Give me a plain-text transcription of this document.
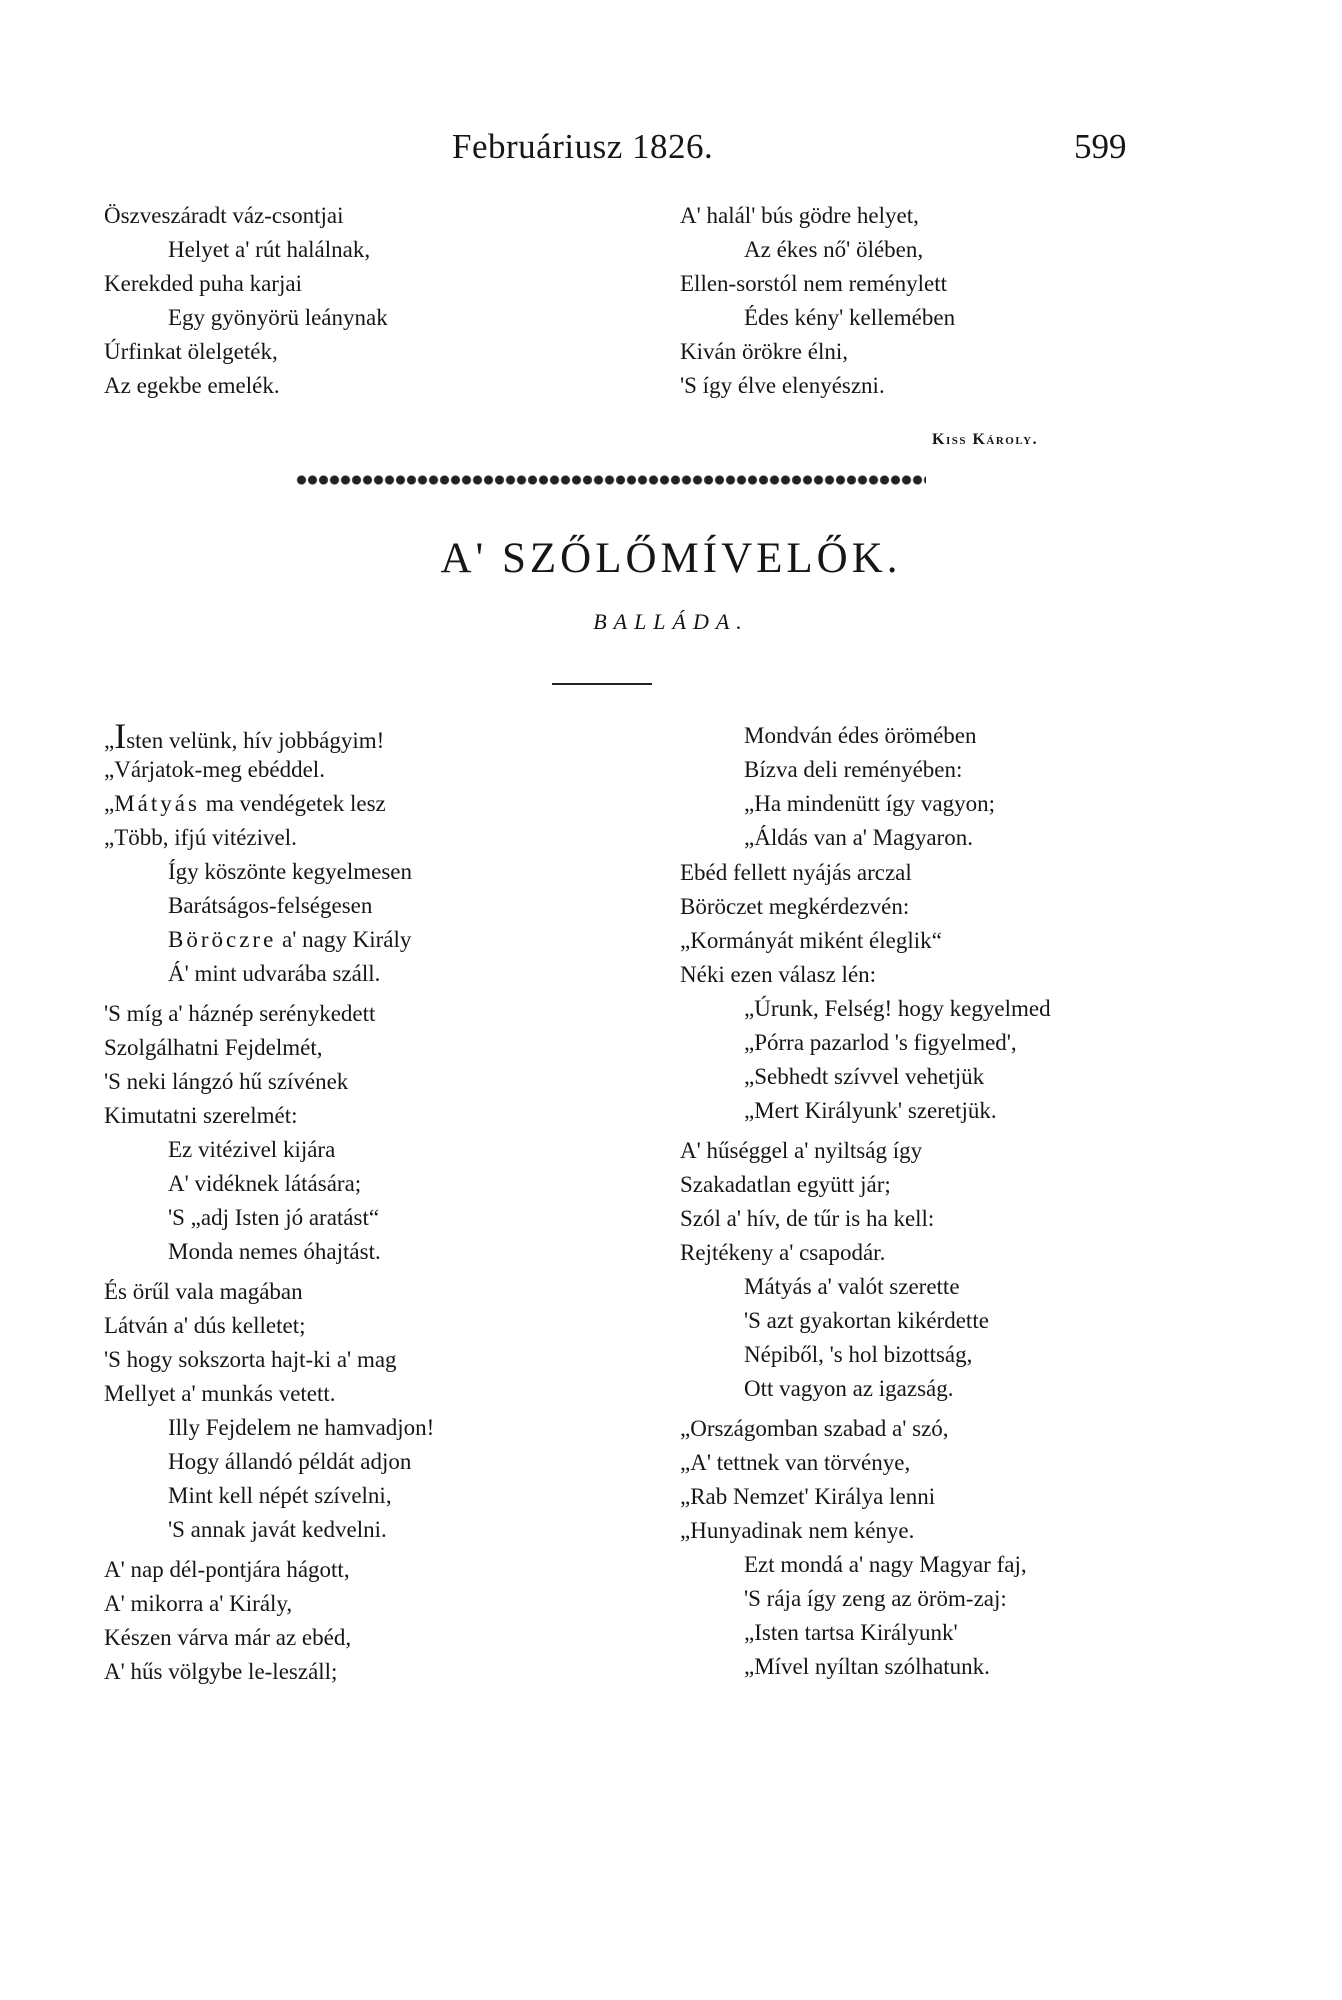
Februáriusz 1826.	599
Öszveszáradt váz-csontjai
Helyet a' rút halálnak,
Kerekded puha karjai
Egy gyönyörü leánynak
Úrfinkat ölelgeték,
Az egekbe emelék.
A' halál' bús gödre helyet,
Az ékes nő' ölében,
Ellen-sorstól nem reménylett
Édes kény' kellemében
Kiván örökre élni,
'S így élve elenyészni.
Kiss Károly.
A' SZŐLŐMÍVELŐK.
BALLÁDA.
„Isten velünk, hív jobbágyim!
„Várjatok-meg ebéddel.
„Mátyás ma vendégetek lesz
„Több, ifjú vitézivel.
Így köszönte kegyelmesen
Barátságos-felségesen
Böröczre a' nagy Király
Á' mint udvarába száll.
'S míg a' háznép serénykedett
Szolgálhatni Fejdelmét,
'S neki lángzó hű szívének
Kimutatni szerelmét:
Ez vitézivel kijára
A' vidéknek látására;
'S „adj Isten jó aratást“
Monda nemes óhajtást.
És örűl vala magában
Látván a' dús kelletet;
'S hogy sokszorta hajt-ki a' mag
Mellyet a' munkás vetett.
Illy Fejdelem ne hamvadjon!
Hogy állandó példát adjon
Mint kell népét szívelni,
'S annak javát kedvelni.
A' nap dél-pontjára hágott,
A' mikorra a' Király,
Készen várva már az ebéd,
A' hűs völgybe le-leszáll;
Mondván édes örömében
Bízva deli reményében:
„Ha mindenütt így vagyon;
„Áldás van a' Magyaron.
Ebéd fellett nyájás arczal
Böröczet megkérdezvén:
„Kormányát miként éleglik“
Néki ezen válasz lén:
„Úrunk, Felség! hogy kegyelmed
„Pórra pazarlod 's figyelmed',
„Sebhedt szívvel vehetjük
„Mert Királyunk' szeretjük.
A' hűséggel a' nyiltság így
Szakadatlan együtt jár;
Szól a' hív, de tűr is ha kell:
Rejtékeny a' csapodár.
Mátyás a' valót szerette
'S azt gyakortan kikérdette
Népiből, 's hol bizottság,
Ott vagyon az igazság.
„Országomban szabad a' szó,
„A' tettnek van törvénye,
„Rab Nemzet' Királya lenni
„Hunyadinak nem kénye.
Ezt mondá a' nagy Magyar faj,
'S rája így zeng az öröm-zaj:
„Isten tartsa Királyunk'
„Mível nyíltan szólhatunk.
